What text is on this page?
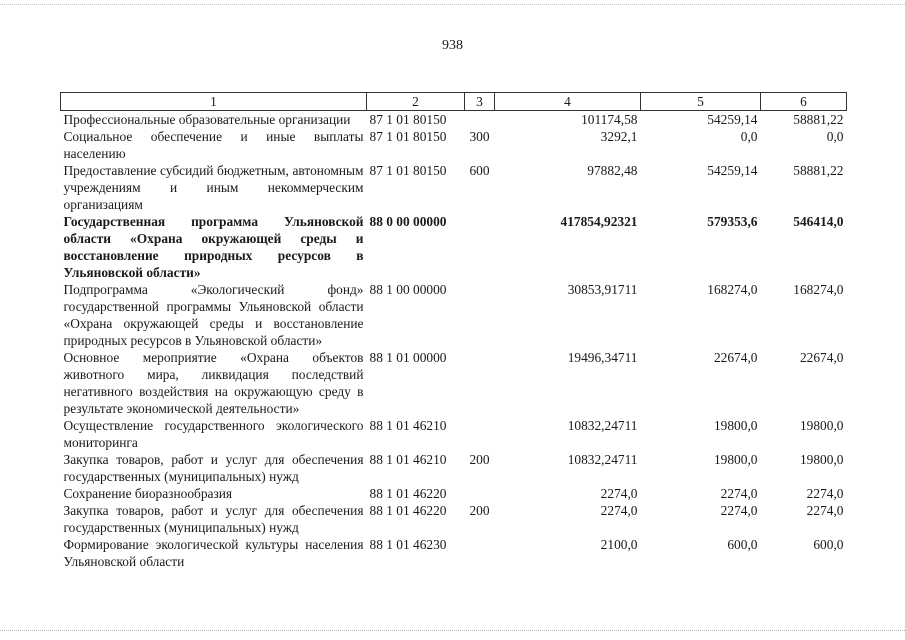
938
1	2	3	4	5	6
Профессиональные образовательные организации	87 1 01 80150		101174,58	54259,14	58881,22
Социальное обеспечение и иные выплаты населению	87 1 01 80150	300	3292,1	0,0	0,0
Предоставление субсидий бюджетным, автономным учреждениям и иным некоммерческим организациям	87 1 01 80150	600	97882,48	54259,14	58881,22
Государственная программа Ульяновской области «Охрана окружающей среды и восстановление природных ресурсов в Ульяновской области»	88 0 00 00000		417854,92321	579353,6	546414,0
Подпрограмма «Экологический фонд» государственной программы Ульяновской области «Охрана окружающей среды и восстановление природных ресурсов в Ульяновской области»	88 1 00 00000		30853,91711	168274,0	168274,0
Основное мероприятие «Охрана объектов животного мира, ликвидация последствий негативного воздействия на окружающую среду в результате экономической деятельности»	88 1 01 00000		19496,34711	22674,0	22674,0
Осуществление государственного экологического мониторинга	88 1 01 46210		10832,24711	19800,0	19800,0
Закупка товаров, работ и услуг для обеспечения государственных (муниципальных) нужд	88 1 01 46210	200	10832,24711	19800,0	19800,0
Сохранение биоразнообразия	88 1 01 46220		2274,0	2274,0	2274,0
Закупка товаров, работ и услуг для обеспечения государственных (муниципальных) нужд	88 1 01 46220	200	2274,0	2274,0	2274,0
Формирование экологической культуры населения Ульяновской области	88 1 01 46230		2100,0	600,0	600,0
